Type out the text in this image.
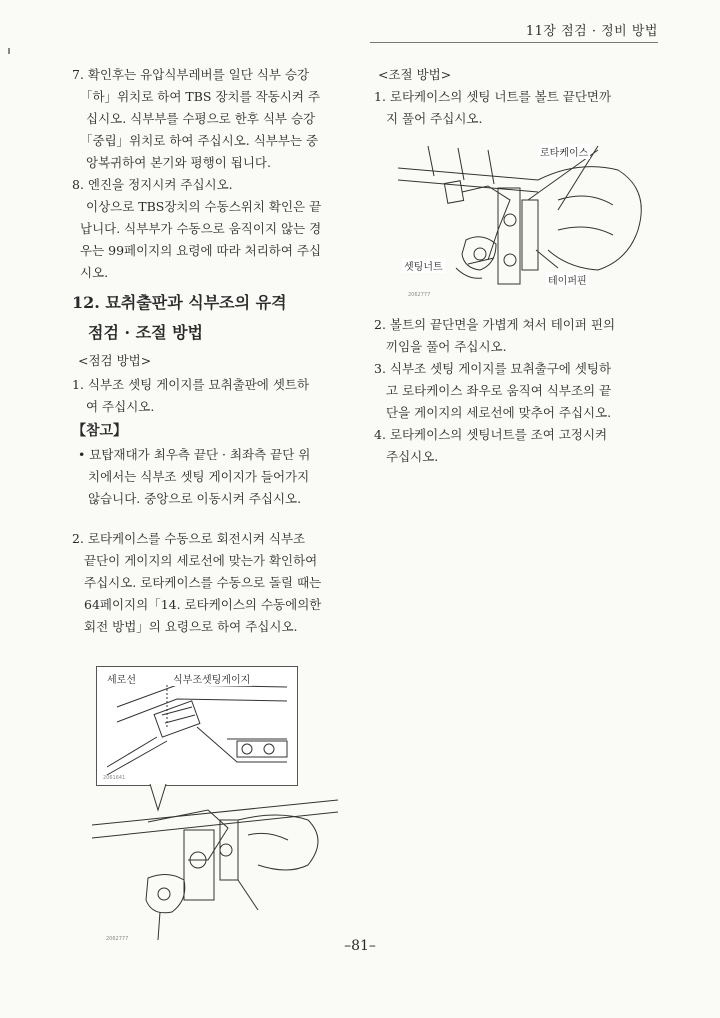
11장 점검 · 정비 방법

7. 확인후는 유압식부레버를 일단 식부 승강

「하」위치로 하여 TBS 장치를 작동시켜 주

십시오. 식부부를 수평으로 한후 식부 승강

「중립」위치로 하여 주십시오. 식부부는 중

앙복귀하여 본기와 평행이 됩니다.

8. 엔진을 정지시켜 주십시오.

이상으로 TBS장치의 수동스위치 확인은 끝

납니다. 식부부가 수동으로 움직이지 않는 경

우는 99페이지의 요령에 따라 처리하여 주십

시오.

12. 묘취출판과 식부조의 유격
점검 · 조절 방법

<점검 방법>

1. 식부조 셋팅 게이지를 묘취출판에 셋트하

여 주십시오.

【참고】

• 묘탑재대가 최우측 끝단 · 최좌측 끝단 위

치에서는 식부조 셋팅 게이지가 들어가지

않습니다. 중앙으로 이동시켜 주십시오.

2. 로타케이스를 수동으로 회전시켜 식부조

끝단이 게이지의 세로선에 맞는가 확인하여

주십시오. 로타케이스를 수동으로 돌릴 때는

64페이지의「14. 로타케이스의 수동에의한

회전 방법」의 요령으로 하여 주십시오.

세로선	식부조셋팅게이지
2061641
2062777

<조절 방법>

1. 로타케이스의 셋팅 너트를 볼트 끝단면까

지 풀어 주십시오.

로타케이스
셋팅너트
테이퍼핀
2062777

2. 볼트의 끝단면을 가볍게 쳐서 테이퍼 핀의

끼임을 풀어 주십시오.

3. 식부조 셋팅 게이지를 묘취출구에 셋팅하

고 로타케이스 좌우로 움직여 식부조의 끝

단을 게이지의 세로선에 맞추어 주십시오.

4. 로타케이스의 셋팅너트를 조여 고정시켜

주십시오.

–81–
